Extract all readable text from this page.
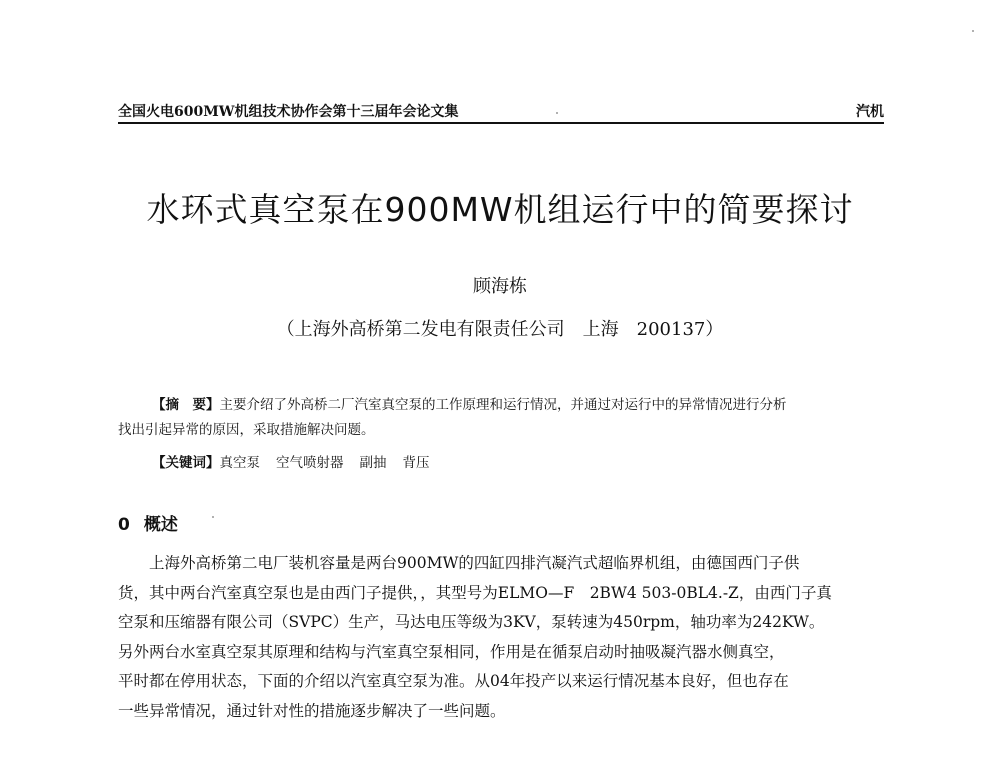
全国火电600MW机组技术协作会第十三届年会论文集	汽机
水环式真空泵在900MW机组运行中的简要探讨
顾海栋
（上海外高桥第二发电有限责任公司　上海　200137）
【摘　要】主要介绍了外高桥二厂汽室真空泵的工作原理和运行情况，并通过对运行中的异常情况进行分析
找出引起异常的原因，采取措施解决问题。
【关键词】真空泵 空气喷射器 副抽 背压
0 概述
上海外高桥第二电厂装机容量是两台900MW的四缸四排汽凝汽式超临界机组，由德国西门子供
货，其中两台汽室真空泵也是由西门子提供，，其型号为ELMO—F　2BW4 503-0BL4.-Z，由西门子真
空泵和压缩器有限公司（SVPC）生产，马达电压等级为3KV，泵转速为450rpm，轴功率为242KW。
另外两台水室真空泵其原理和结构与汽室真空泵相同，作用是在循泵启动时抽吸凝汽器水侧真空，
平时都在停用状态，下面的介绍以汽室真空泵为准。从04年投产以来运行情况基本良好，但也存在
一些异常情况，通过针对性的措施逐步解决了一些问题。
